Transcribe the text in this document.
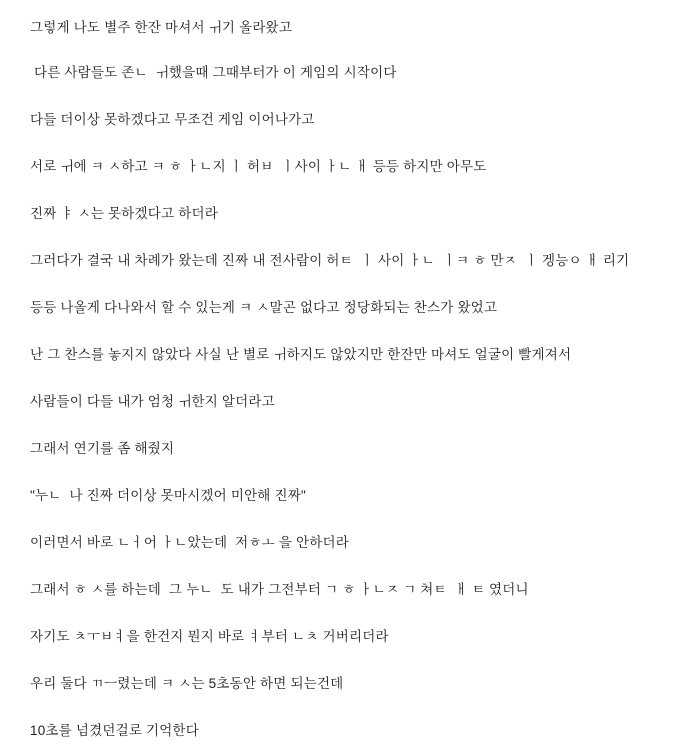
그렇게 나도 별주 한잔 마셔서 ㅟ기 올라왔고

다른 사람들도 존ㄴ  ㅟ했을때 그때부터가 이 게임의 시작이다

다들 더이상 못하겠다고 무조건 게임 이어나가고

서로 ㅟ에 ㅋ ㅅ하고 ㅋ ㅎ ㅏㄴ지 ㅣ 허ㅂ  ㅣ사이 ㅏㄴ ㅐ 등등 하지만 아무도

진짜 ㅑ ㅅ는 못하겠다고 하더라

그러다가 결국 내 차례가 왔는데 진짜 내 전사람이 허ㅌ  ㅣ 사이 ㅏㄴ  ㅣㅋ ㅎ 만ㅈ  ㅣ 겡능ㅇ ㅐ 리기

등등 나올게 다나와서 할 수 있는게 ㅋ ㅅ말곤 없다고 정당화되는 찬스가 왔었고

난 그 찬스를 놓지지 않았다 사실 난 별로 ㅟ하지도 않았지만 한잔만 마셔도 얼굴이 빨게져서

사람들이 다들 내가 엄청 ㅟ한지 알더라고

그래서 연기를 좀 해줬지

"누ㄴ  나 진짜 더이상 못마시겠어 미안해 진짜"

이러면서 바로 ㄴㅓ어 ㅏㄴ았는데  저ㅎㅗ 을 안하더라

그래서 ㅎ ㅅ를 하는데  그 누ㄴ  도 내가 그전부터 ㄱ ㅎ ㅏㄴㅈ ㄱ 쳐ㅌ  ㅐ ㅌ 였더니

자기도 ㅊㅜㅂㅕ을 한건지 뭔지 바로 ㅕ부터 ㄴㅊ 거버리더라

우리 둘다 ㄲㅡ렸는데 ㅋ ㅅ는 5초동안 하면 되는건데

10초를 넘겼던걸로 기억한다
